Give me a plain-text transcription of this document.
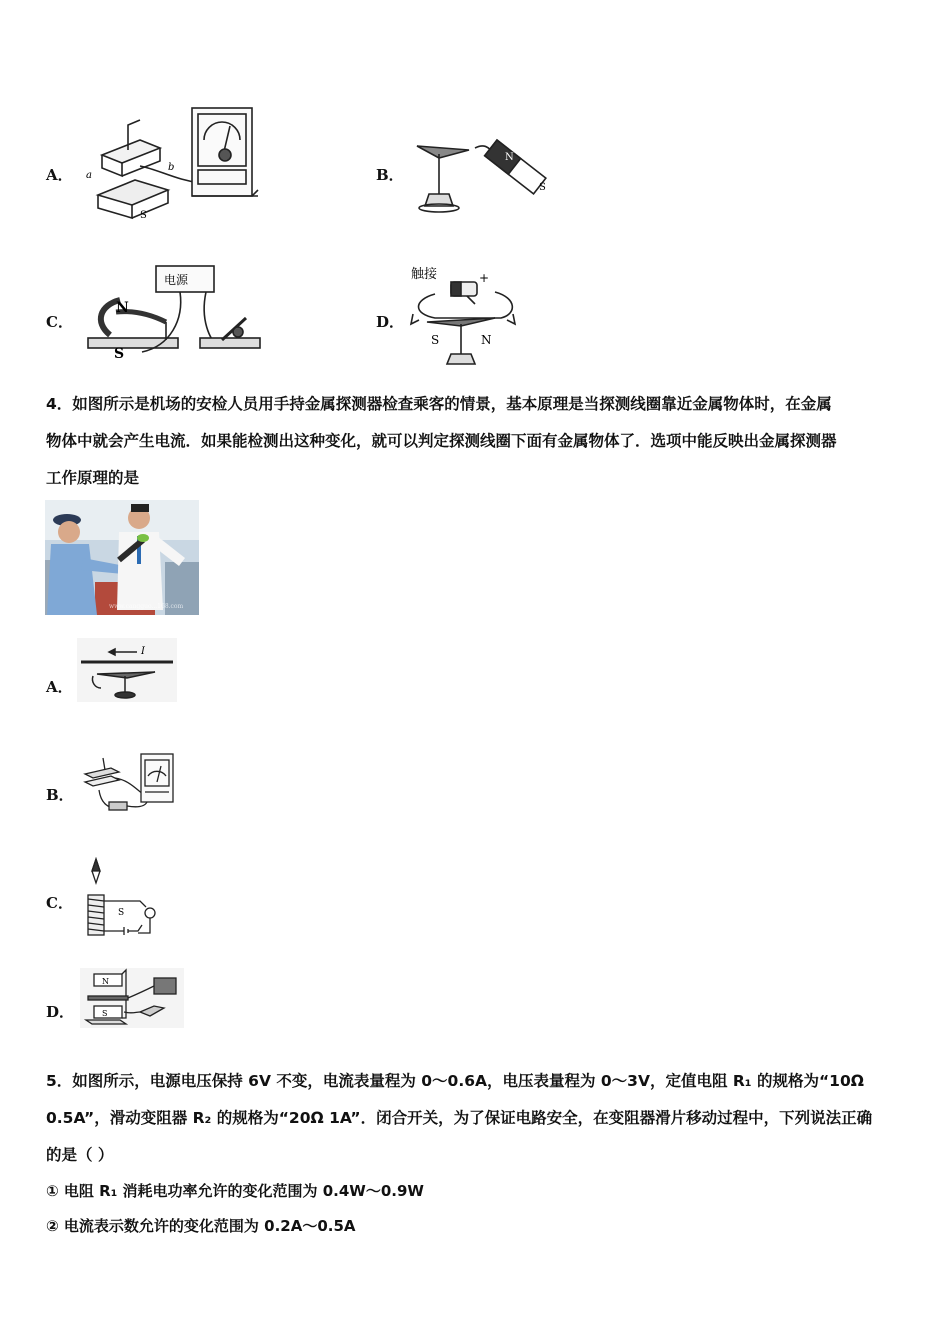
A．
S
b
a	B．
N
S
C．
电源
N
S
D．
触接	+
S	N
4．如图所示是机场的安检人员用手持金属探测器检查乘客的情景，基本原理是当探测线圈靠近金属物体时，在金属
物体中就会产生电流．如果能检测出这种变化，就可以判定探测线圈下面有金属物体了．选项中能反映出金属探测器
工作原理的是
www.cangguo...168.com
A．
I
B．
C．
S
D．
N
S
5．如图所示，电源电压保持 6V 不变，电流表量程为 0～0.6A，电压表量程为 0～3V，定值电阻 R₁ 的规格为“10Ω
0.5A”，滑动变阻器 R₂ 的规格为“20Ω 1A”．闭合开关，为了保证电路安全，在变阻器滑片移动过程中，下列说法正确
的是（ ）
① 电阻 R₁ 消耗电功率允许的变化范围为 0.4W～0.9W
② 电流表示数允许的变化范围为 0.2A～0.5A
